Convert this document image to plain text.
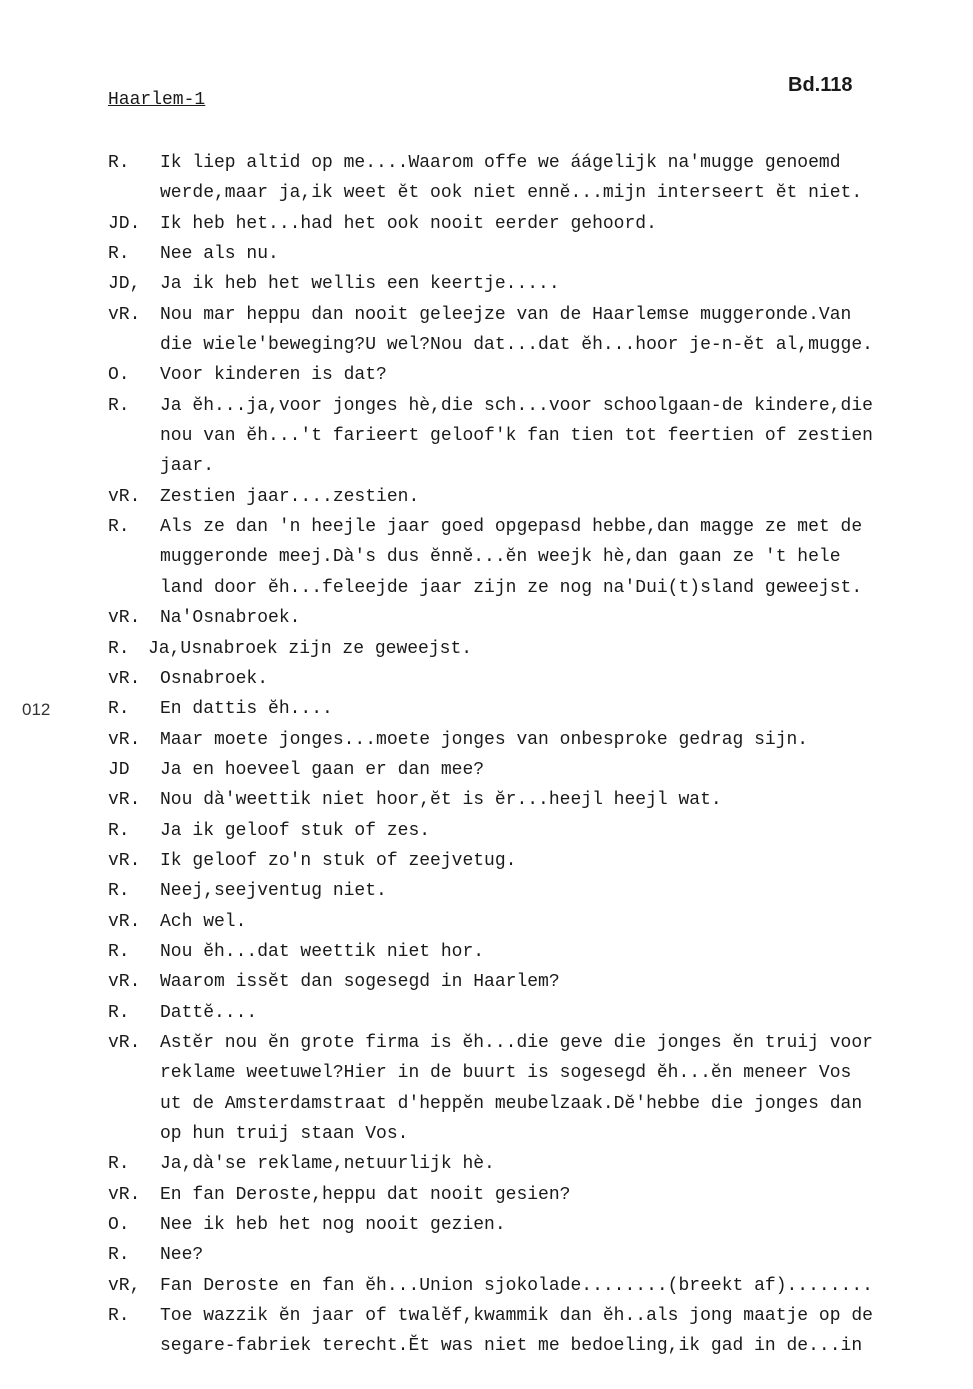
Haarlem-1
Bd.118
012
R.	Ik liep altid op me....Waarom offe we áágelijk na'mugge genoemd
werde,maar ja,ik weet ĕt ook niet ennĕ...mijn interseert ĕt niet.
JD.	Ik heb het...had het ook nooit eerder gehoord.
R.	Nee als nu.
JD,	Ja ik heb het wellis een keertje.....
vR.	Nou mar heppu dan nooit geleejze van de Haarlemse muggeronde.Van
die wiele'beweging?U wel?Nou dat...dat ĕh...hoor je-n-ĕt al,mugge.
O.	Voor kinderen is dat?
R.	Ja ĕh...ja,voor jonges hè,die sch...voor schoolgaan-de kindere,die
nou van ĕh...'t farieert geloof'k fan tien tot feertien of zestien
jaar.
vR.	Zestien jaar....zestien.
R.	Als ze dan 'n heejle jaar goed opgepasd hebbe,dan magge ze met de
muggeronde meej.Dà's dus ĕnnĕ...ĕn weejk hè,dan gaan ze 't hele
land door ĕh...feleejde jaar zijn ze nog na'Dui(t)sland geweejst.
vR.	Na'Osnabroek.
R.	Ja,Usnabroek zijn ze geweejst.
vR.	Osnabroek.
R.	En dattis ĕh....
vR.	Maar moete jonges...moete jonges van onbesproke gedrag sijn.
JD	Ja en hoeveel gaan er dan mee?
vR.	Nou dà'weettik niet hoor,ĕt is ĕr...heejl heejl wat.
R.	Ja ik geloof stuk of zes.
vR.	Ik geloof zo'n stuk of zeejvetug.
R.	Neej,seejventug niet.
vR.	Ach wel.
R.	Nou ĕh...dat weettik niet hor.
vR.	Waarom issĕt dan sogesegd in Haarlem?
R.	Dattĕ....
vR.	Astĕr nou ĕn grote firma is ĕh...die geve die jonges ĕn truij voor
reklame weetuwel?Hier in de buurt is sogesegd ĕh...ĕn meneer Vos
ut de Amsterdamstraat d'heppĕn meubelzaak.Dĕ'hebbe die jonges dan
op hun truij staan Vos.
R.	Ja,dà'se reklame,netuurlijk hè.
vR.	En fan Deroste,heppu dat nooit gesien?
O.	Nee ik heb het nog nooit gezien.
R.	Nee?
vR,	Fan Deroste en fan ĕh...Union sjokolade........(breekt af)........
R.	Toe wazzik ĕn jaar of twalĕf,kwammik dan ĕh..als jong maatje op de
segare-fabriek terecht.Ĕt was niet me bedoeling,ik gad in de...in
